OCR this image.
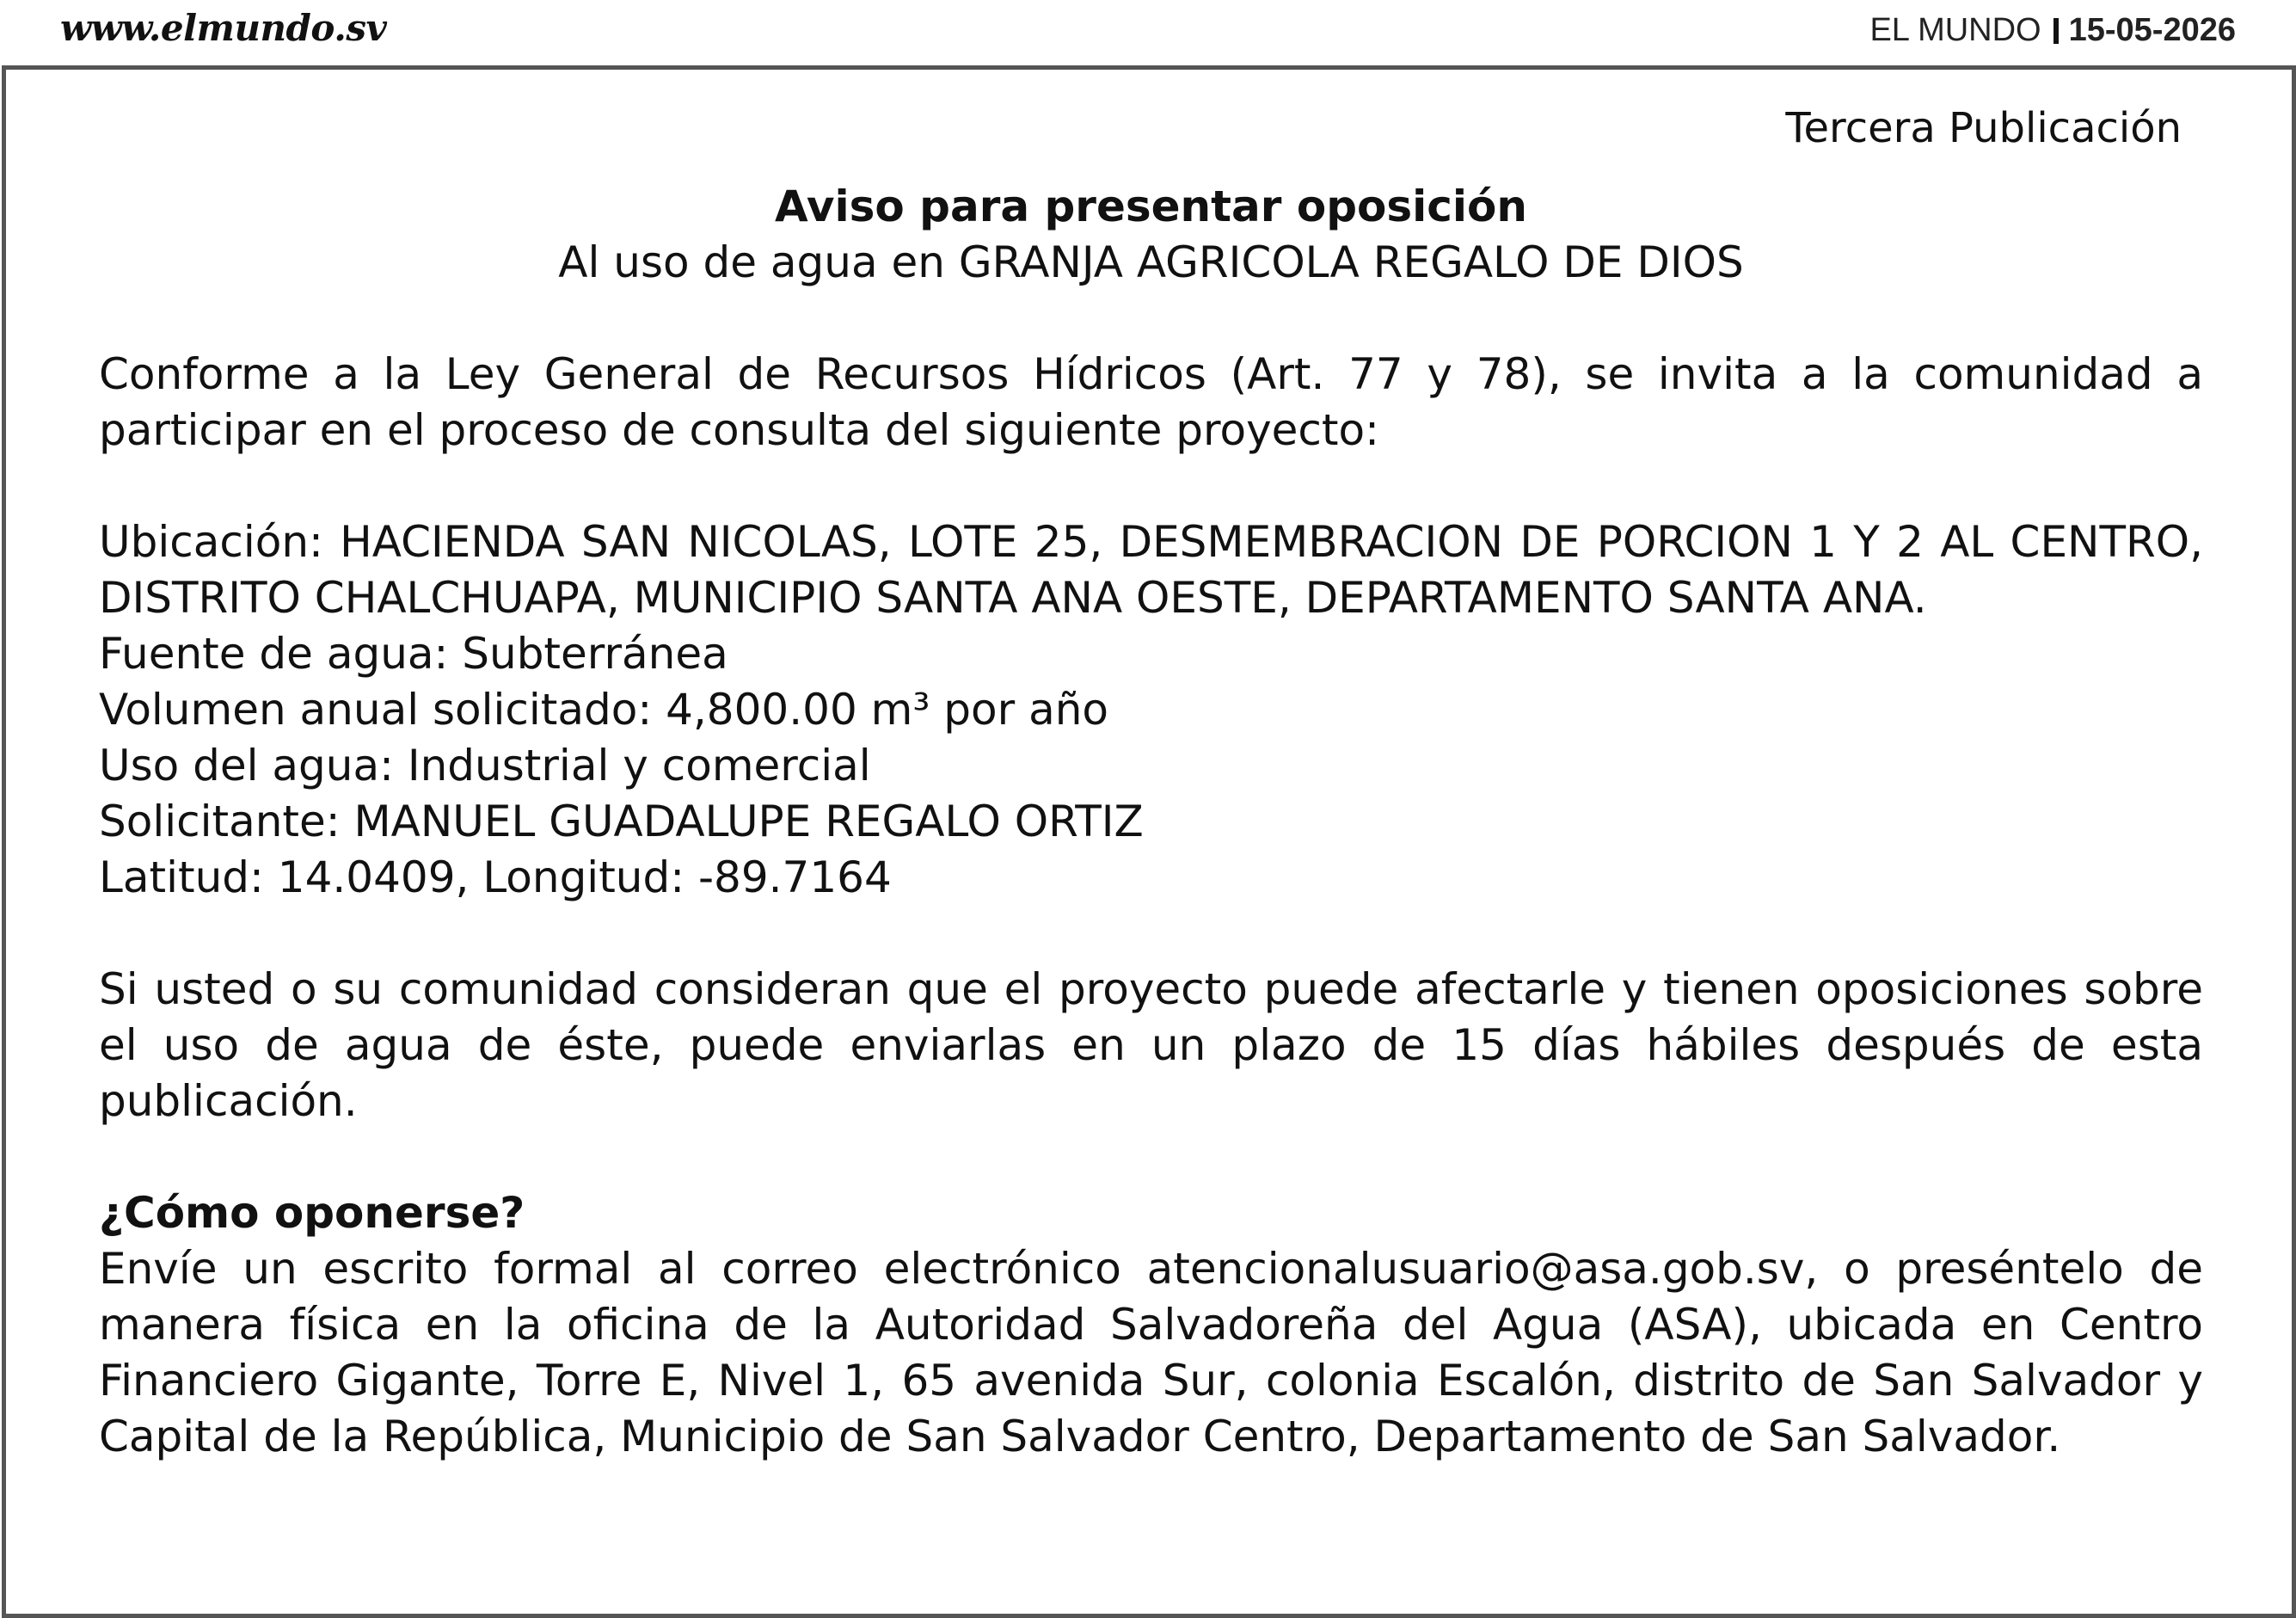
www.elmundo.sv	EL MUNDO 15-05-2026
Tercera Publicación
Aviso para presentar oposición
Al uso de agua en GRANJA AGRICOLA REGALO DE DIOS

Conforme a la Ley General de Recursos Hídricos (Art. 77 y 78), se invita a la comunidad a participar en el proceso de consulta del siguiente proyecto:

Ubicación: HACIENDA SAN NICOLAS, LOTE 25, DESMEMBRACION DE PORCION 1 Y 2 AL CENTRO, DISTRITO CHALCHUAPA, MUNICIPIO SANTA ANA OESTE, DEPARTAMENTO SANTA ANA.

Fuente de agua: Subterránea

Volumen anual solicitado: 4,800.00 m³ por año

Uso del agua: Industrial y comercial

Solicitante: MANUEL GUADALUPE REGALO ORTIZ

Latitud: 14.0409, Longitud: -89.7164

Si usted o su comunidad consideran que el proyecto puede afectarle y tienen oposiciones sobre el uso de agua de éste, puede enviarlas en un plazo de 15 días hábiles después de esta publicación.

¿Cómo oponerse?

Envíe un escrito formal al correo electrónico atencionalusuario@asa.gob.sv, o preséntelo de manera física en la oficina de la Autoridad Salvadoreña del Agua (ASA), ubicada en Centro Financiero Gigante, Torre E, Nivel 1, 65 avenida Sur, colonia Escalón, distrito de San Salvador y Capital de la República, Municipio de San Salvador Centro, Departamento de San Salvador.
